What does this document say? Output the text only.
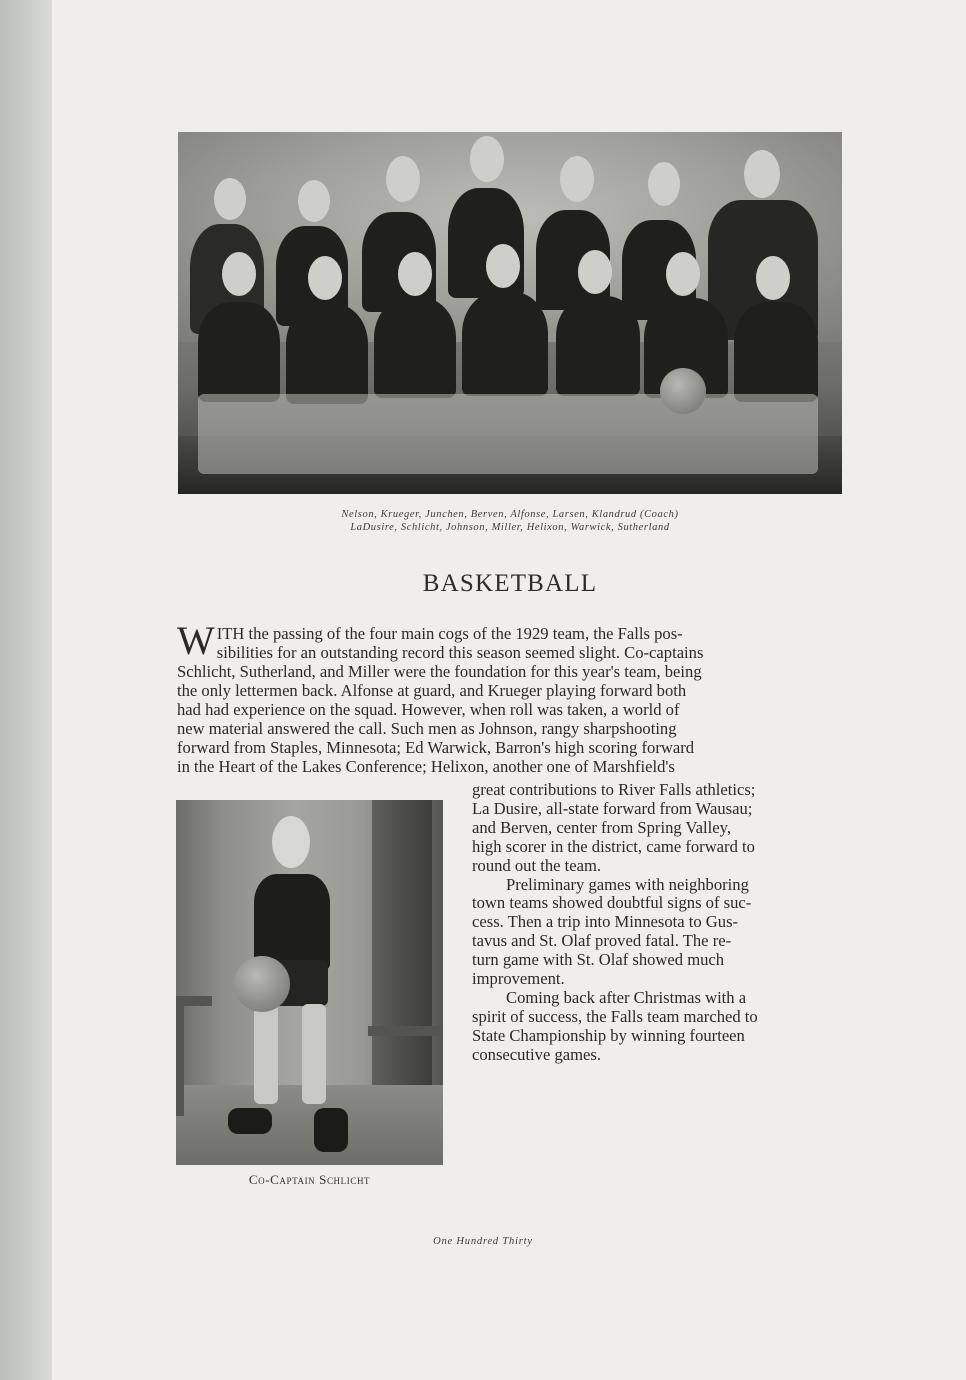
Nelson, Krueger, Junchen, Berven, Alfonse, Larsen, Klandrud (Coach)
LaDusire, Schlicht, Johnson, Miller, Helixon, Warwick, Sutherland
BASKETBALL
W ITH the passing of the four main cogs of the 1929 team, the Falls pos-
sibilities for an outstanding record this season seemed slight. Co-captains
Schlicht, Sutherland, and Miller were the foundation for this year's team, being
the only lettermen back. Alfonse at guard, and Krueger playing forward both
had had experience on the squad. However, when roll was taken, a world of
new material answered the call. Such men as Johnson, rangy sharpshooting
forward from Staples, Minnesota; Ed Warwick, Barron's high scoring forward
in the Heart of the Lakes Conference; Helixon, another one of Marshfield's
great contributions to River Falls athletics;
La Dusire, all-state forward from Wausau;
and Berven, center from Spring Valley,
high scorer in the district, came forward to
round out the team.
Preliminary games with neighboring
town teams showed doubtful signs of suc-
cess. Then a trip into Minnesota to Gus-
tavus and St. Olaf proved fatal. The re-
turn game with St. Olaf showed much
improvement.
Coming back after Christmas with a
spirit of success, the Falls team marched to
State Championship by winning fourteen
consecutive games.
Co-Captain Schlicht
One Hundred Thirty
